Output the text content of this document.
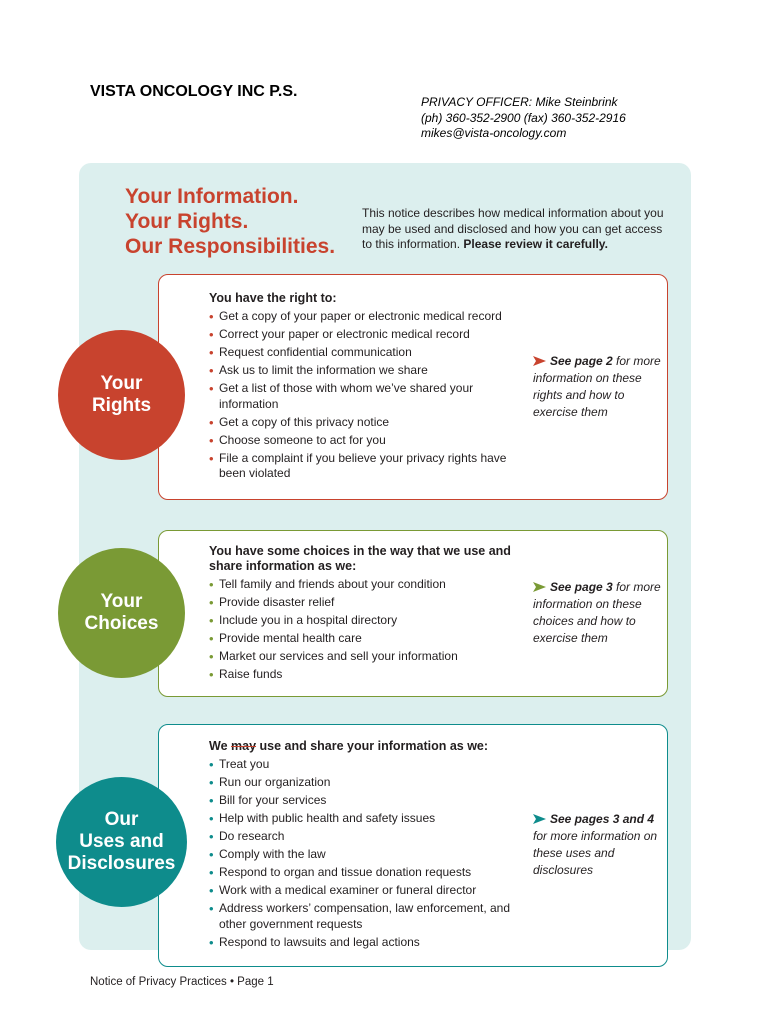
VISTA ONCOLOGY INC P.S.
PRIVACY OFFICER: Mike Steinbrink
(ph) 360-352-2900 (fax) 360-352-2916
mikes@vista-oncology.com
Your Information.
Your Rights.
Our Responsibilities.
This notice describes how medical information about you may be used and disclosed and how you can get access to this information. Please review it carefully.
You have the right to:
• Get a copy of your paper or electronic medical record
• Correct your paper or electronic medical record
• Request confidential communication
• Ask us to limit the information we share
• Get a list of those with whom we’ve shared your information
• Get a copy of this privacy notice
• Choose someone to act for you
• File a complaint if you believe your privacy rights have been violated
See page 2 for more information on these rights and how to exercise them
Your
Rights
You have some choices in the way that we use and share information as we:
• Tell family and friends about your condition
• Provide disaster relief
• Include you in a hospital directory
• Provide mental health care
• Market our services and sell your information
• Raise funds
See page 3 for more information on these choices and how to exercise them
Your
Choices
We may use and share your information as we:
• Treat you
• Run our organization
• Bill for your services
• Help with public health and safety issues
• Do research
• Comply with the law
• Respond to organ and tissue donation requests
• Work with a medical examiner or funeral director
• Address workers’ compensation, law enforcement, and other government requests
• Respond to lawsuits and legal actions
See pages 3 and 4 for more information on these uses and disclosures
Our
Uses and
Disclosures
Notice of Privacy Practices • Page 1
